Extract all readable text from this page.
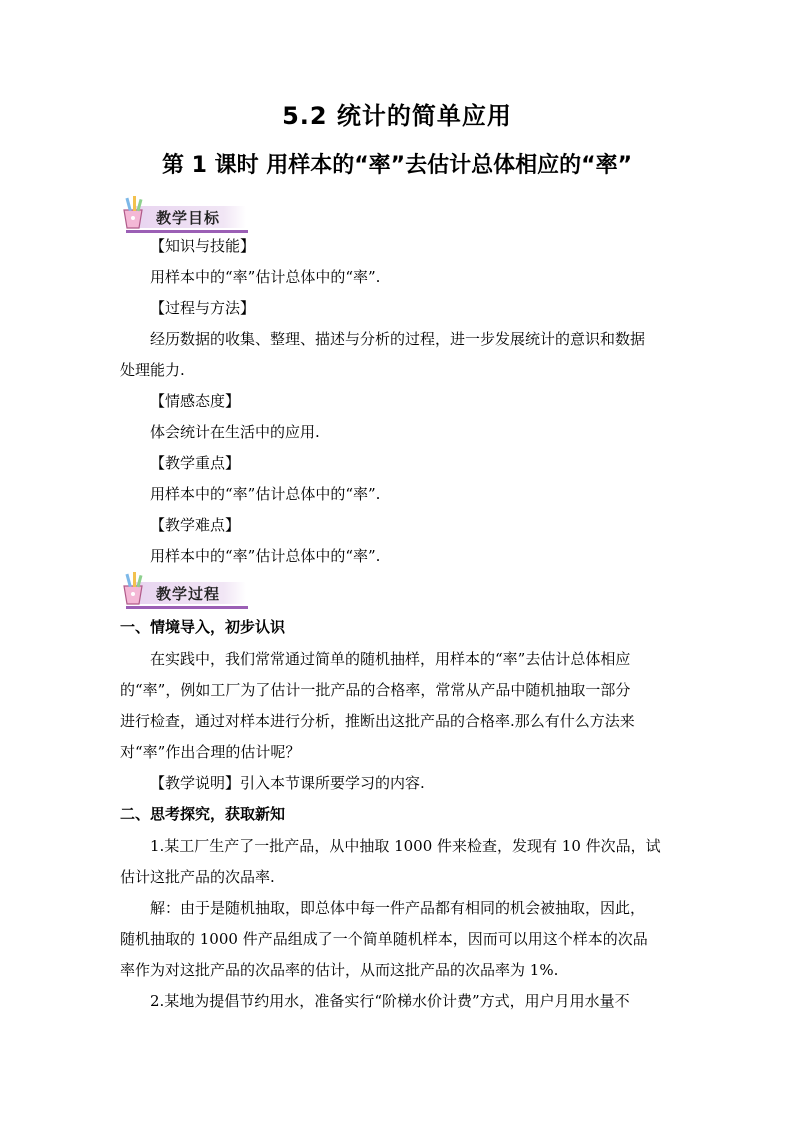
5.2 统计的简单应用
第 1 课时 用样本的“率”去估计总体相应的“率”
教学目标
【知识与技能】
用样本中的“率”估计总体中的“率”.
【过程与方法】
经历数据的收集、整理、描述与分析的过程，进一步发展统计的意识和数据
处理能力.
【情感态度】
体会统计在生活中的应用.
【教学重点】
用样本中的“率”估计总体中的“率”.
【教学难点】
用样本中的“率”估计总体中的“率”.
教学过程
一、情境导入，初步认识
在实践中，我们常常通过简单的随机抽样，用样本的“率”去估计总体相应
的“率”，例如工厂为了估计一批产品的合格率，常常从产品中随机抽取一部分
进行检查，通过对样本进行分析，推断出这批产品的合格率.那么有什么方法来
对“率”作出合理的估计呢？
【教学说明】引入本节课所要学习的内容.
二、思考探究，获取新知
1.某工厂生产了一批产品，从中抽取 1000 件来检查，发现有 10 件次品，试
估计这批产品的次品率.
解：由于是随机抽取，即总体中每一件产品都有相同的机会被抽取，因此，
随机抽取的 1000 件产品组成了一个简单随机样本，因而可以用这个样本的次品
率作为对这批产品的次品率的估计，从而这批产品的次品率为 1%.
2.某地为提倡节约用水，准备实行“阶梯水价计费”方式，用户月用水量不
